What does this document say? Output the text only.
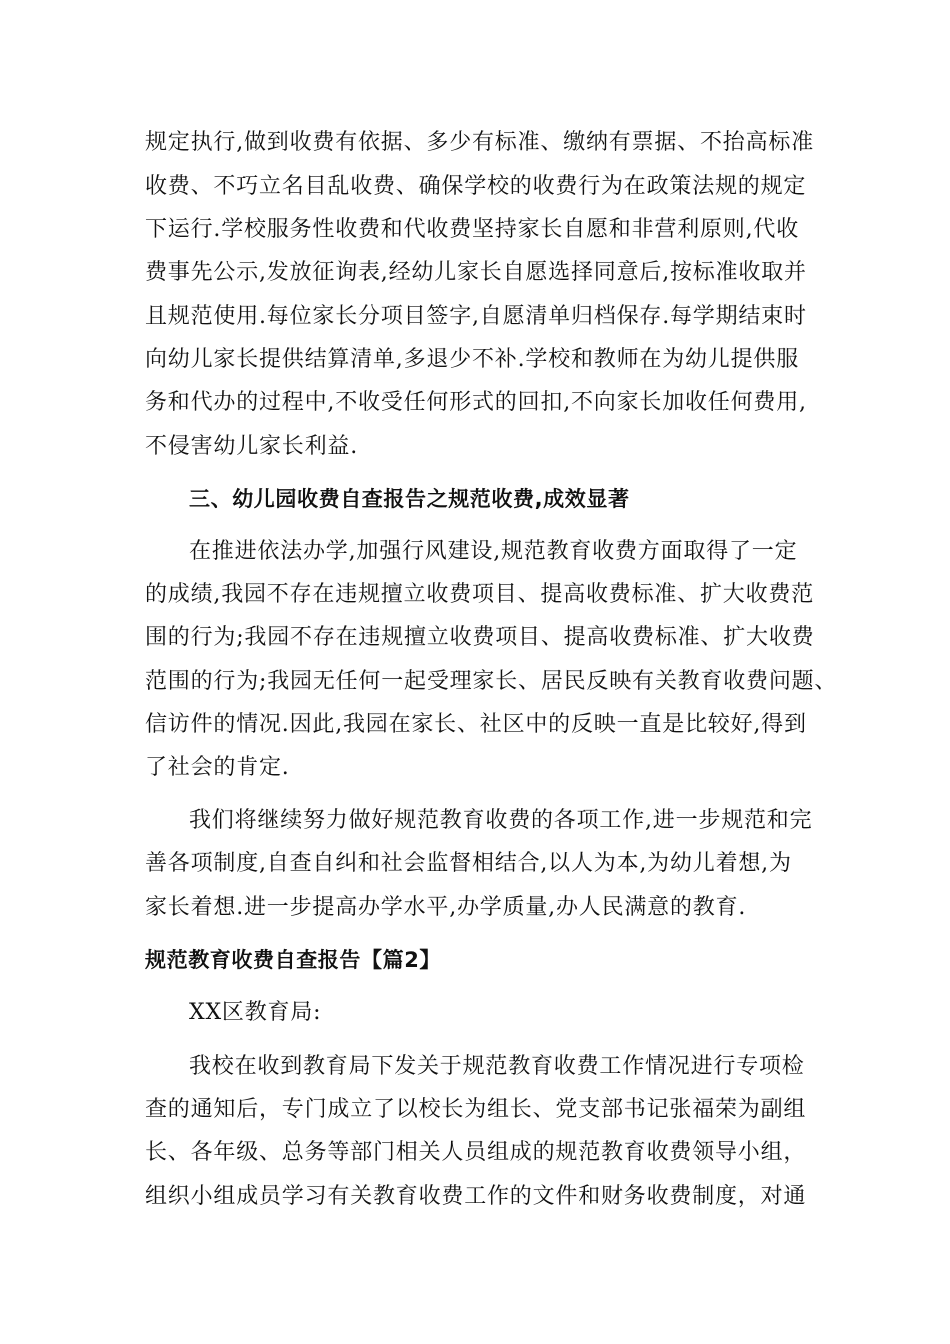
规定执行,做到收费有依据、多少有标准、缴纳有票据、不抬高标准
收费、不巧立名目乱收费、确保学校的收费行为在政策法规的规定
下运行.学校服务性收费和代收费坚持家长自愿和非营利原则,代收
费事先公示,发放征询表,经幼儿家长自愿选择同意后,按标准收取并
且规范使用.每位家长分项目签字,自愿清单归档保存.每学期结束时
向幼儿家长提供结算清单,多退少不补.学校和教师在为幼儿提供服
务和代办的过程中,不收受任何形式的回扣,不向家长加收任何费用,
不侵害幼儿家长利益.
三、幼儿园收费自查报告之规范收费,成效显著
在推进依法办学,加强行风建设,规范教育收费方面取得了一定
的成绩,我园不存在违规擅立收费项目、提高收费标准、扩大收费范
围的行为;我园不存在违规擅立收费项目、提高收费标准、扩大收费
范围的行为;我园无任何一起受理家长、居民反映有关教育收费问题、
信访件的情况.因此,我园在家长、社区中的反映一直是比较好,得到
了社会的肯定.
我们将继续努力做好规范教育收费的各项工作,进一步规范和完
善各项制度,自查自纠和社会监督相结合,以人为本,为幼儿着想,为
家长着想.进一步提高办学水平,办学质量,办人民满意的教育.
规范教育收费自查报告【篇2】
XX区教育局:
我校在收到教育局下发关于规范教育收费工作情况进行专项检
查的通知后，专门成立了以校长为组长、党支部书记张福荣为副组
长、各年级、总务等部门相关人员组成的规范教育收费领导小组，
组织小组成员学习有关教育收费工作的文件和财务收费制度，对通
